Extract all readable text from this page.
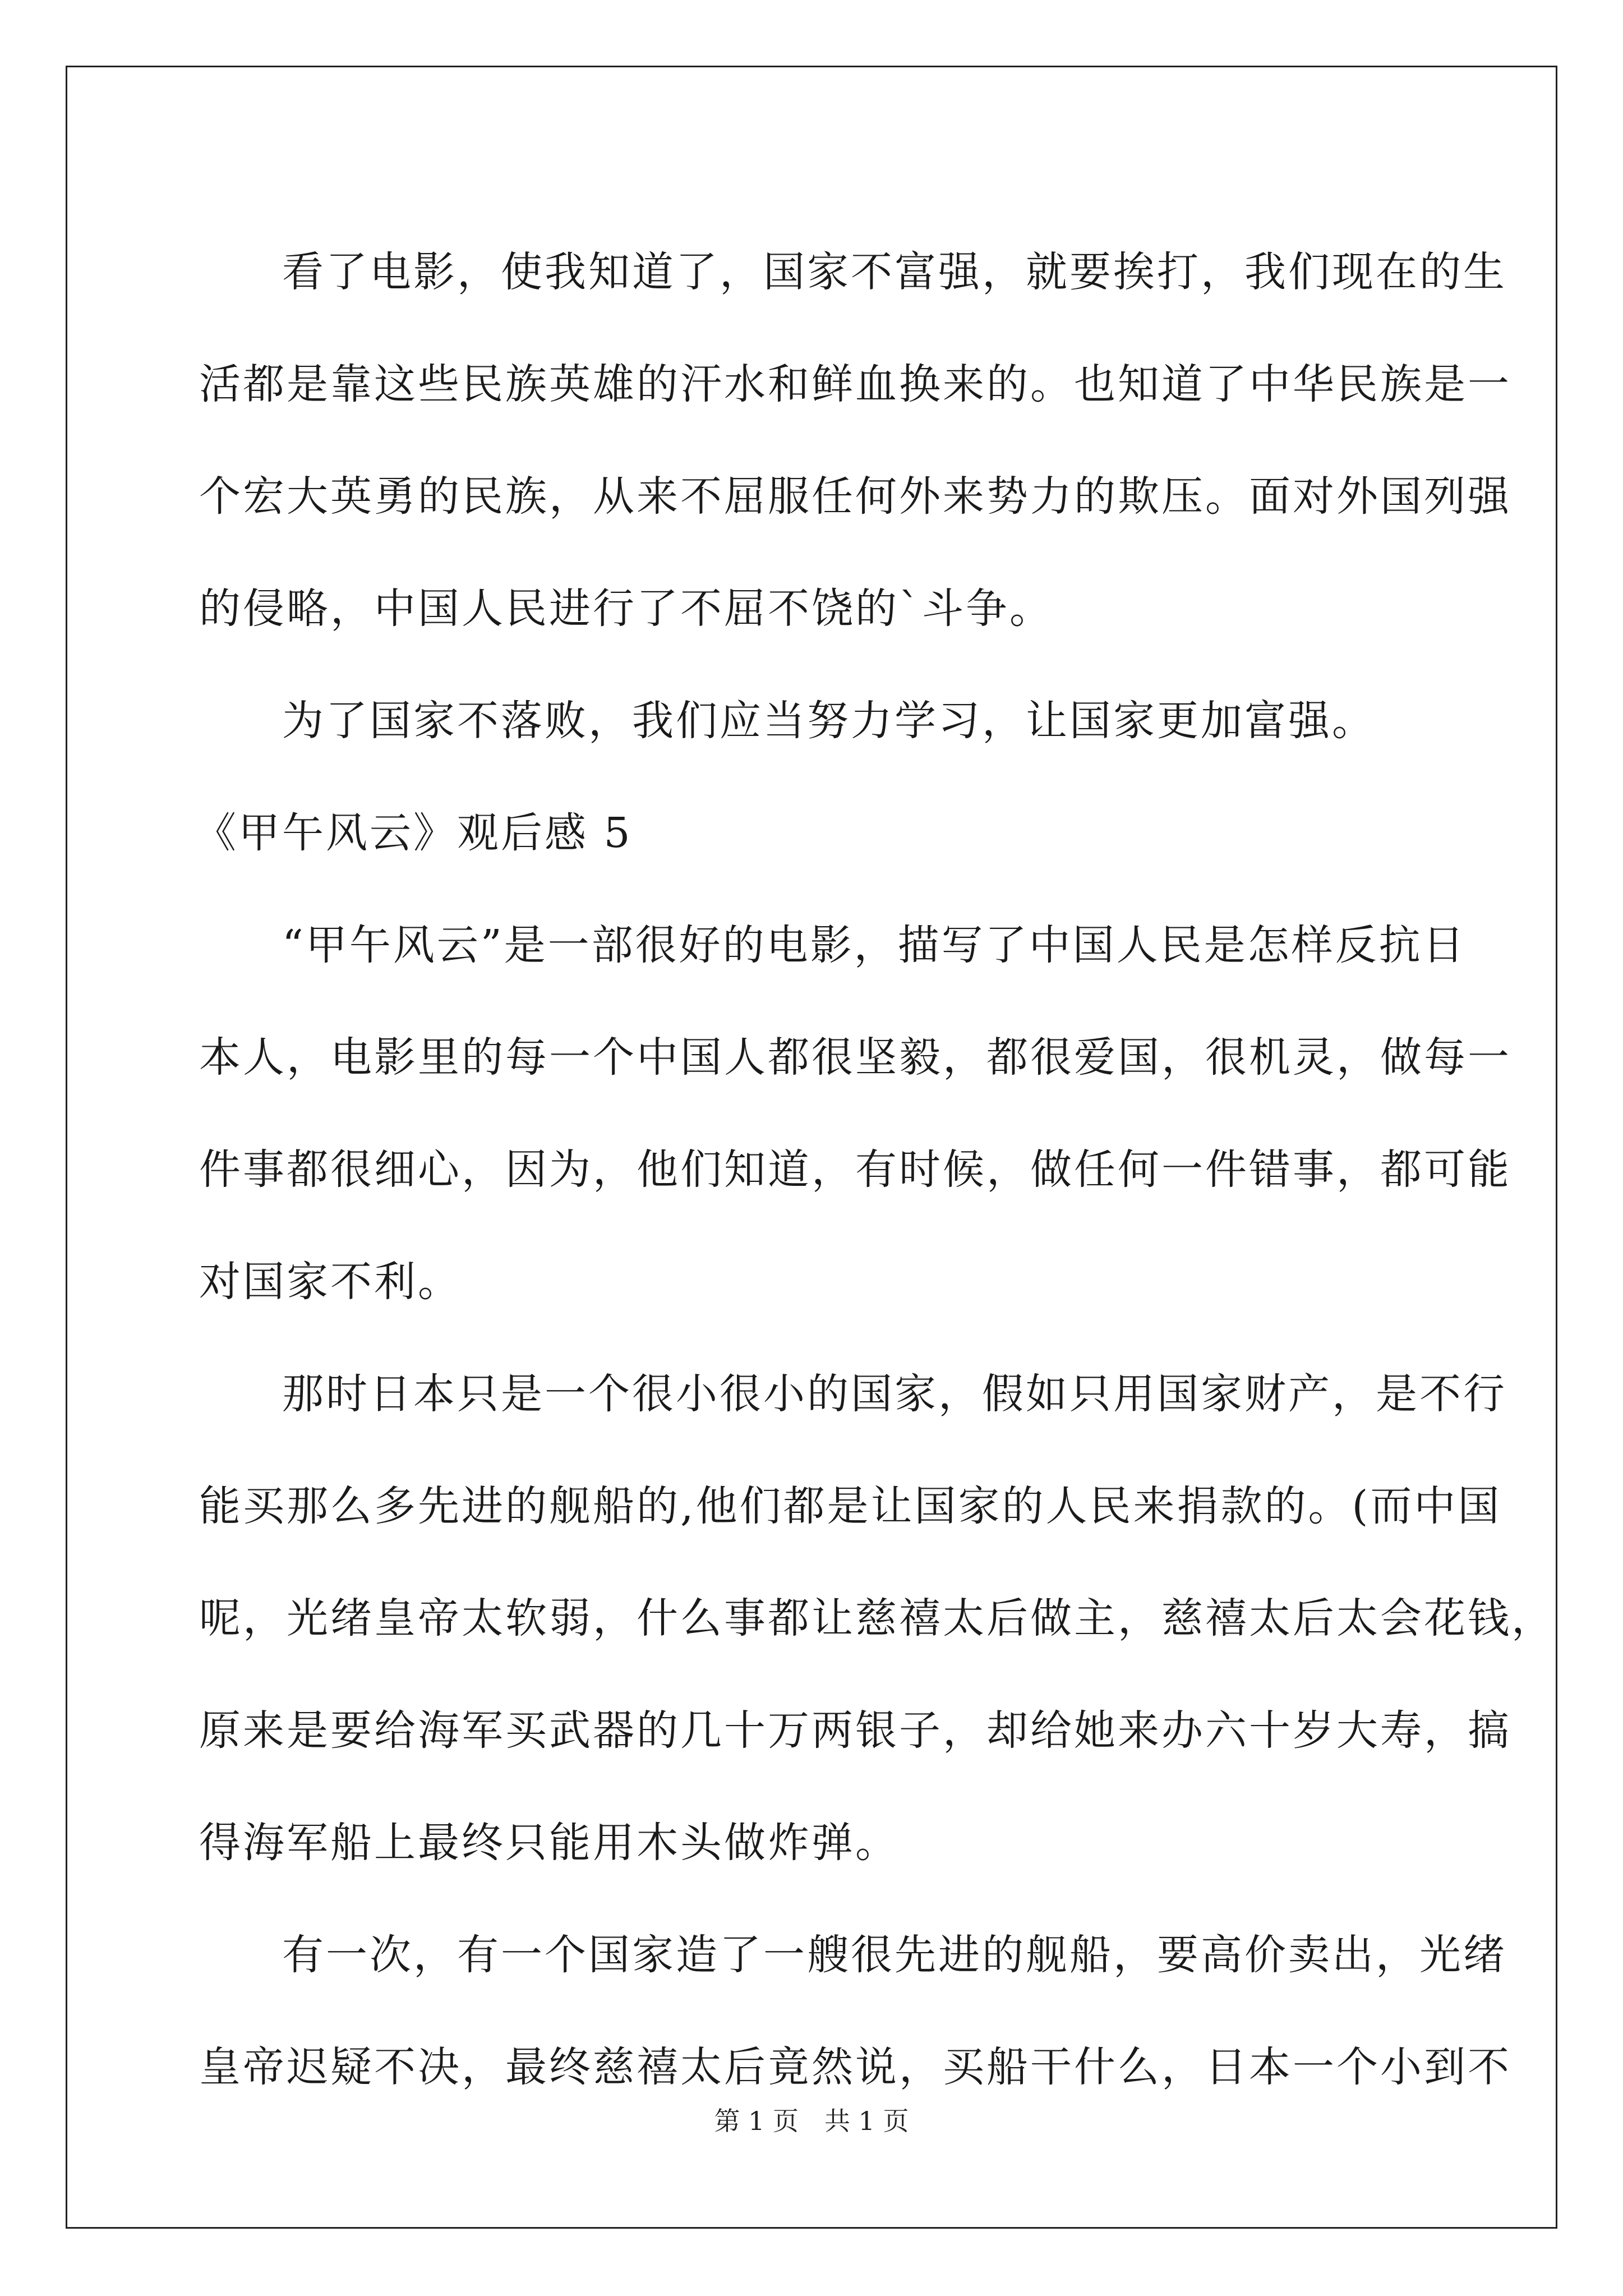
看了电影，使我知道了，国家不富强，就要挨打，我们现在的生
活都是靠这些民族英雄的汗水和鲜血换来的。也知道了中华民族是一
个宏大英勇的民族，从来不屈服任何外来势力的欺压。面对外国列强
的侵略，中国人民进行了不屈不饶的`斗争。
为了国家不落败，我们应当努力学习，让国家更加富强。
《甲午风云》观后感 5
“甲午风云”是一部很好的电影，描写了中国人民是怎样反抗日
本人，电影里的每一个中国人都很坚毅，都很爱国，很机灵，做每一
件事都很细心，因为，他们知道，有时候，做任何一件错事，都可能
对国家不利。
那时日本只是一个很小很小的国家，假如只用国家财产，是不行
能买那么多先进的舰船的,他们都是让国家的人民来捐款的。(而中国
呢，光绪皇帝太软弱，什么事都让慈禧太后做主，慈禧太后太会花钱，
原来是要给海军买武器的几十万两银子，却给她来办六十岁大寿，搞
得海军船上最终只能用木头做炸弹。
有一次，有一个国家造了一艘很先进的舰船，要高价卖出，光绪
皇帝迟疑不决，最终慈禧太后竟然说，买船干什么，日本一个小到不
第 1 页　共 1 页
